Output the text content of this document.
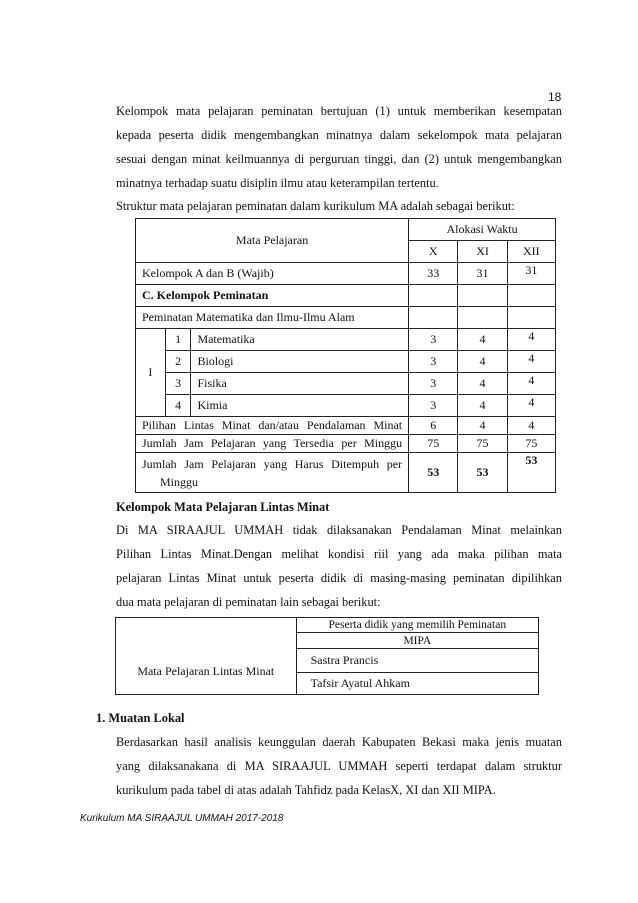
18
Kelompok mata pelajaran peminatan bertujuan (1) untuk memberikan kesempatan
kepada peserta didik mengembangkan minatnya dalam sekelompok mata pelajaran
sesuai dengan minat keilmuannya di perguruan tinggi, dan (2) untuk mengembangkan
minatnya terhadap suatu disiplin ilmu atau keterampilan tertentu.
Struktur mata pelajaran peminatan dalam kurikulum MA adalah sebagai berikut:
Mata Pelajaran			Alokasi Waktu		
			X	XI	XII
Kelompok A dan B (Wajib)			33	31	31
C. Kelompok Peminatan					
Peminatan Matematika dan Ilmu-Ilmu Alam					
I	1	Matematika	3	4	4
	2	Biologi	3	4	4
	3	Fisika	3	4	4
	4	Kimia	3	4	4
Pilihan Lintas Minat dan/atau Pendalaman Minat			6	4	4
Jumlah Jam Pelajaran yang Tersedia per Minggu			75	75	75

Jumlah Jam Pelajaran yang Harus Ditempuh per
Minggu			53	53	53
Kelompok Mata Pelajaran Lintas Minat
Di MA SIRAAJUL UMMAH tidak dilaksanakan Pendalaman Minat melainkan
Pilihan Lintas Minat.Dengan melihat kondisi riil yang ada maka pilihan mata
pelajaran Lintas Minat untuk peserta didik di masing-masing peminatan dipilihkan
dua mata pelajaran di peminatan lain sebagai berikut:
	Peserta didik yang memilih Peminatan
	MIPA
Mata Pelajaran Lintas Minat	Sastra Prancis
	Tafsir Ayatul Ahkam
1. Muatan Lokal
Berdasarkan hasil analisis keunggulan daerah Kabupaten Bekasi maka jenis muatan
yang dilaksanakana di MA SIRAAJUL UMMAH seperti terdapat dalam struktur
kurikulum pada tabel di atas adalah Tahfidz pada KelasX, XI dan XII MIPA.
Kurikulum MA SIRAAJUL UMMAH 2017-2018
